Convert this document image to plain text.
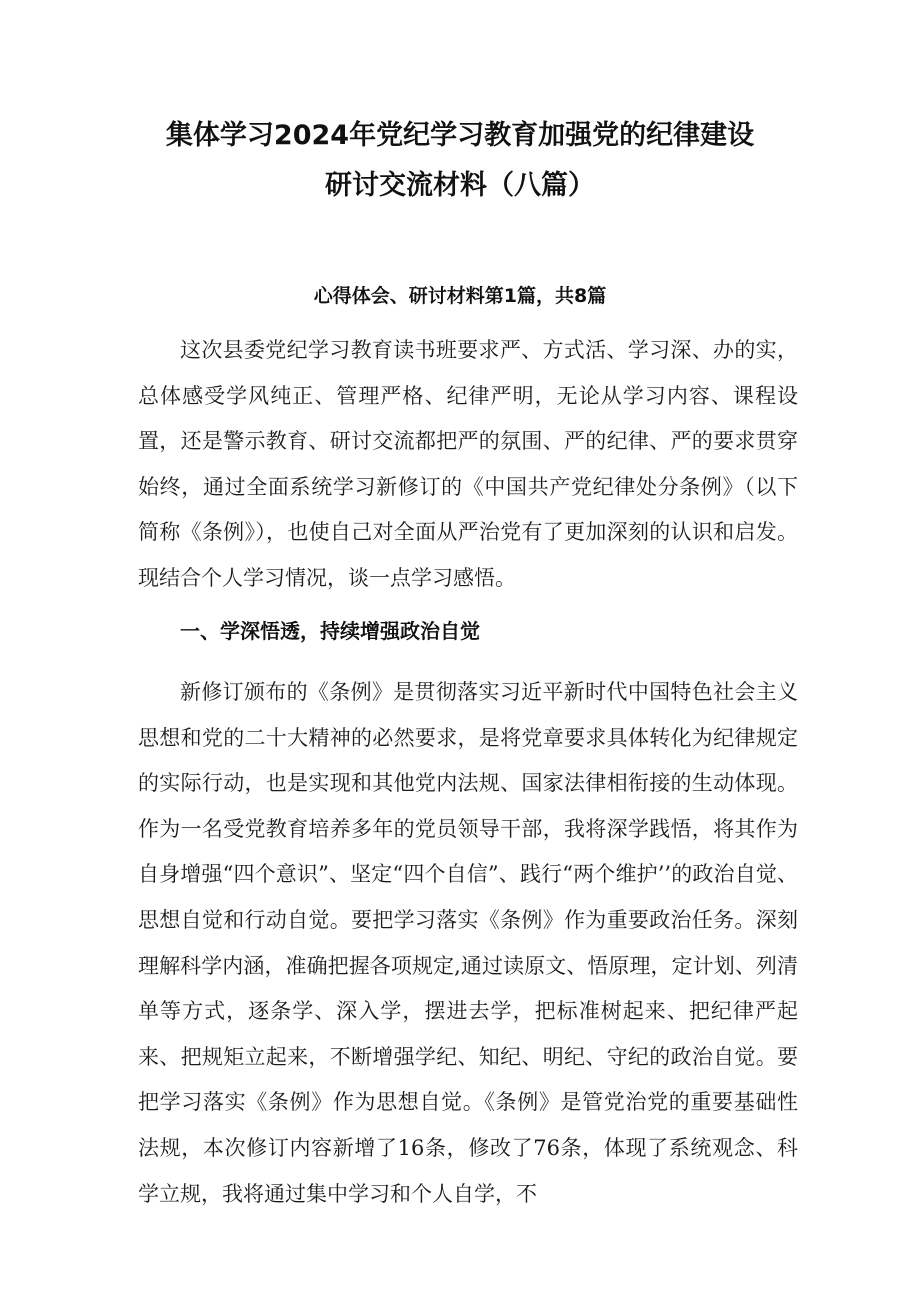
集体学习2024年党纪学习教育加强党的纪律建设
研讨交流材料（八篇）
心得体会、研讨材料第1篇，共8篇

这次县委党纪学习教育读书班要求严、方式活、学习深、办的实，总体感受学风纯正、管理严格、纪律严明，无论从学习内容、课程设置，还是警示教育、研讨交流都把严的氛围、严的纪律、严的要求贯穿始终，通过全面系统学习新修订的《中国共产党纪律处分条例》（以下简称《条例》），也使自己对全面从严治党有了更加深刻的认识和启发。现结合个人学习情况，谈一点学习感悟。

一、学深悟透，持续增强政治自觉

新修订颁布的《条例》是贯彻落实习近平新时代中国特色社会主义思想和党的二十大精神的必然要求，是将党章要求具体转化为纪律规定的实际行动，也是实现和其他党内法规、国家法律相衔接的生动体现。作为一名受党教育培养多年的党员领导干部，我将深学践悟，将其作为自身增强“四个意识”、坚定“四个自信”、践行“两个维护’’的政治自觉、思想自觉和行动自觉。要把学习落实《条例》作为重要政治任务。深刻理解科学内涵，准确把握各项规定,通过读原文、悟原理，定计划、列清单等方式，逐条学、深入学，摆进去学，把标准树起来、把纪律严起来、把规矩立起来，不断增强学纪、知纪、明纪、守纪的政治自觉。要把学习落实《条例》作为思想自觉。《条例》是管党治党的重要基础性法规，本次修订内容新增了16条，修改了76条，体现了系统观念、科学立规，我将通过集中学习和个人自学，不
